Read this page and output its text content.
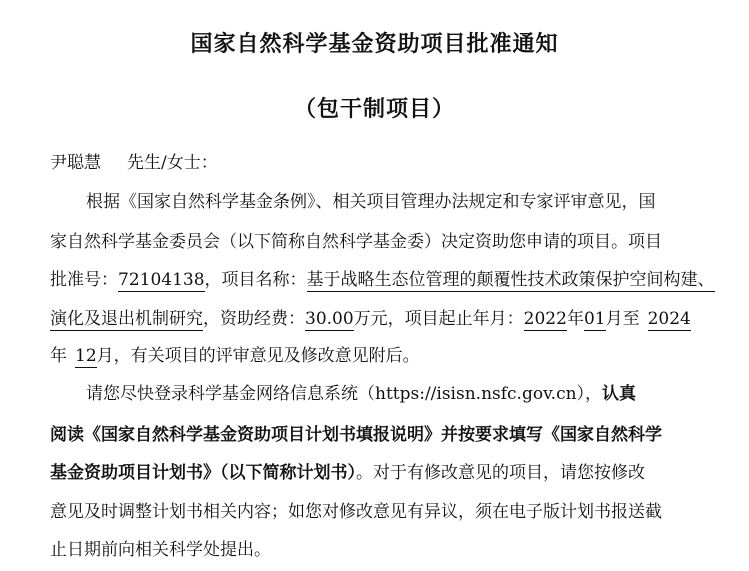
国家自然科学基金资助项目批准通知
（包干制项目）
尹聪慧 先生/女士：
根据《国家自然科学基金条例》、相关项目管理办法规定和专家评审意见，国
家自然科学基金委员会（以下简称自然科学基金委）决定资助您申请的项目。项目
批准号：72104138，项目名称：基于战略生态位管理的颠覆性技术政策保护空间构建、
演化及退出机制研究，资助经费：30.00万元，项目起止年月：2022年01月至 2024
年 12月，有关项目的评审意见及修改意见附后。
请您尽快登录科学基金网络信息系统（https://isisn.nsfc.gov.cn），认真
阅读《国家自然科学基金资助项目计划书填报说明》并按要求填写《国家自然科学
基金资助项目计划书》（以下简称计划书）。对于有修改意见的项目，请您按修改
意见及时调整计划书相关内容；如您对修改意见有异议，须在电子版计划书报送截
止日期前向相关科学处提出。
